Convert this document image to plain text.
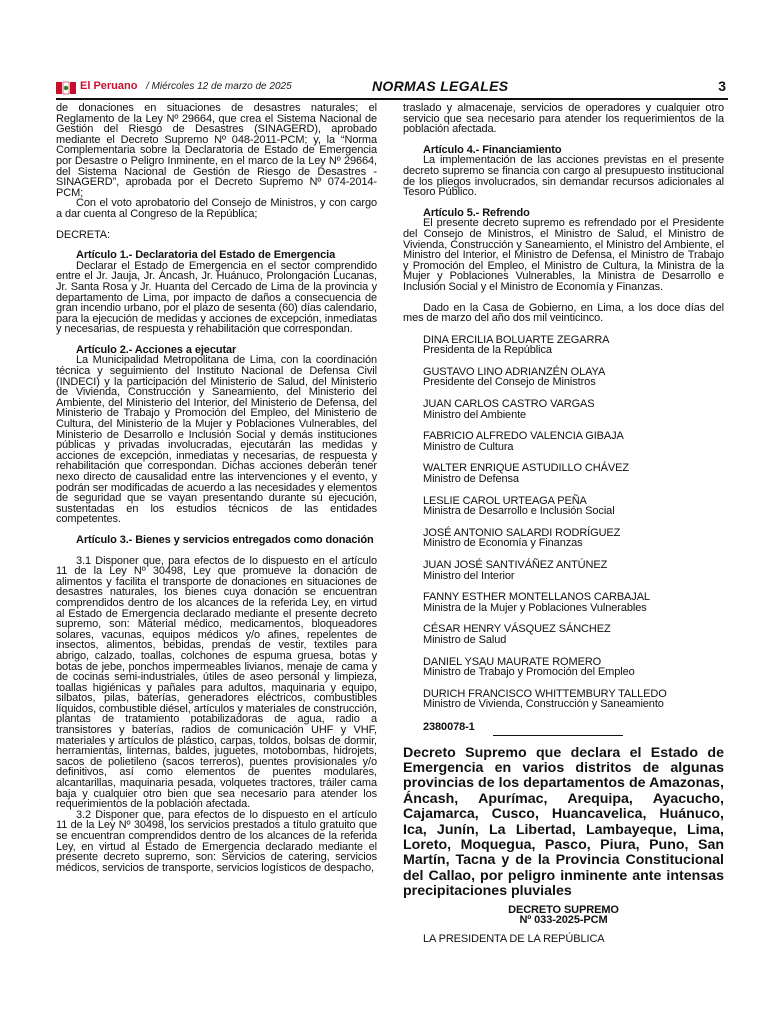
El Peruano / Miércoles 12 de marzo de 2025	NORMAS LEGALES	3

de donaciones en situaciones de desastres naturales; el Reglamento de la Ley Nº 29664, que crea el Sistema Nacional de Gestión del Riesgo de Desastres (SINAGERD), aprobado mediante el Decreto Supremo Nº 048-2011-PCM; y, la “Norma Complementaria sobre la Declaratoria de Estado de Emergencia por Desastre o Peligro Inminente, en el marco de la Ley Nº 29664, del Sistema Nacional de Gestión de Riesgo de Desastres - SINAGERD”, aprobada por el Decreto Supremo Nº 074-2014-PCM;

Con el voto aprobatorio del Consejo de Ministros, y con cargo a dar cuenta al Congreso de la República;

DECRETA:

Artículo 1.- Declaratoria del Estado de Emergencia

Declarar el Estado de Emergencia en el sector comprendido entre el Jr. Jauja, Jr. Áncash, Jr. Huánuco, Prolongación Lucanas, Jr. Santa Rosa y Jr. Huanta del Cercado de Lima de la provincia y departamento de Lima, por impacto de daños a consecuencia de gran incendio urbano, por el plazo de sesenta (60) días calendario, para la ejecución de medidas y acciones de excepción, inmediatas y necesarias, de respuesta y rehabilitación que correspondan.

Artículo 2.- Acciones a ejecutar

La Municipalidad Metropolitana de Lima, con la coordinación técnica y seguimiento del Instituto Nacional de Defensa Civil (INDECI) y la participación del Ministerio de Salud, del Ministerio de Vivienda, Construcción y Saneamiento, del Ministerio del Ambiente, del Ministerio del Interior, del Ministerio de Defensa, del Ministerio de Trabajo y Promoción del Empleo, del Ministerio de Cultura, del Ministerio de la Mujer y Poblaciones Vulnerables, del Ministerio de Desarrollo e Inclusión Social y demás instituciones públicas y privadas involucradas, ejecutarán las medidas y acciones de excepción, inmediatas y necesarias, de respuesta y rehabilitación que correspondan. Dichas acciones deberán tener nexo directo de causalidad entre las intervenciones y el evento, y podrán ser modificadas de acuerdo a las necesidades y elementos de seguridad que se vayan presentando durante su ejecución, sustentadas en los estudios técnicos de las entidades competentes.

Artículo 3.- Bienes y servicios entregados como donación

3.1 Disponer que, para efectos de lo dispuesto en el artículo 11 de la Ley Nº 30498, Ley que promueve la donación de alimentos y facilita el transporte de donaciones en situaciones de desastres naturales, los bienes cuya donación se encuentran comprendidos dentro de los alcances de la referida Ley, en virtud al Estado de Emergencia declarado mediante el presente decreto supremo, son: Material médico, medicamentos, bloqueadores solares, vacunas, equipos médicos y/o afines, repelentes de insectos, alimentos, bebidas, prendas de vestir, textiles para abrigo, calzado, toallas, colchones de espuma gruesa, botas y botas de jebe, ponchos impermeables livianos, menaje de cama y de cocinas semi-industriales, útiles de aseo personal y limpieza, toallas higiénicas y pañales para adultos, maquinaria y equipo, silbatos, pilas, baterías, generadores eléctricos, combustibles líquidos, combustible diésel, artículos y materiales de construcción, plantas de tratamiento potabilizadoras de agua, radio a transistores y baterías, radios de comunicación UHF y VHF, materiales y artículos de plástico, carpas, toldos, bolsas de dormir, herramientas, linternas, baldes, juguetes, motobombas, hidrojets, sacos de polietileno (sacos terreros), puentes provisionales y/o definitivos, así como elementos de puentes modulares, alcantarillas, maquinaria pesada, volquetes tractores, tráiler cama baja y cualquier otro bien que sea necesario para atender los requerimientos de la población afectada.

3.2 Disponer que, para efectos de lo dispuesto en el artículo 11 de la Ley Nº 30498, los servicios prestados a título gratuito que se encuentran comprendidos dentro de los alcances de la referida Ley, en virtud al Estado de Emergencia declarado mediante el presente decreto supremo, son: Servicios de catering, servicios médicos, servicios de transporte, servicios logísticos de despacho,

traslado y almacenaje, servicios de operadores y cualquier otro servicio que sea necesario para atender los requerimientos de la población afectada.

Artículo 4.- Financiamiento

La implementación de las acciones previstas en el presente decreto supremo se financia con cargo al presupuesto institucional de los pliegos involucrados, sin demandar recursos adicionales al Tesoro Público.

Artículo 5.- Refrendo

El presente decreto supremo es refrendado por el Presidente del Consejo de Ministros, el Ministro de Salud, el Ministro de Vivienda, Construcción y Saneamiento, el Ministro del Ambiente, el Ministro del Interior, el Ministro de Defensa, el Ministro de Trabajo y Promoción del Empleo, el Ministro de Cultura, la Ministra de la Mujer y Poblaciones Vulnerables, la Ministra de Desarrollo e Inclusión Social y el Ministro de Economía y Finanzas.

Dado en la Casa de Gobierno, en Lima, a los doce días del mes de marzo del año dos mil veinticinco.

DINA ERCILIA BOLUARTE ZEGARRA

Presidenta de la República

GUSTAVO LINO ADRIANZÉN OLAYA

Presidente del Consejo de Ministros

JUAN CARLOS CASTRO VARGAS

Ministro del Ambiente

FABRICIO ALFREDO VALENCIA GIBAJA

Ministro de Cultura

WALTER ENRIQUE ASTUDILLO CHÁVEZ

Ministro de Defensa

LESLIE CAROL URTEAGA PEÑA

Ministra de Desarrollo e Inclusión Social

JOSÉ ANTONIO SALARDI RODRÍGUEZ

Ministro de Economía y Finanzas

JUAN JOSÉ SANTIVÁÑEZ ANTÚNEZ

Ministro del Interior

FANNY ESTHER MONTELLANOS CARBAJAL

Ministra de la Mujer y Poblaciones Vulnerables

CÉSAR HENRY VÁSQUEZ SÁNCHEZ

Ministro de Salud

DANIEL YSAU MAURATE ROMERO

Ministro de Trabajo y Promoción del Empleo

DURICH FRANCISCO WHITTEMBURY TALLEDO

Ministro de Vivienda, Construcción y Saneamiento

2380078-1

Decreto Supremo que declara el Estado de Emergencia en varios distritos de algunas provincias de los departamentos de Amazonas, Áncash, Apurímac, Arequipa, Ayacucho, Cajamarca, Cusco, Huancavelica, Huánuco, Ica, Junín, La Libertad, Lambayeque, Lima, Loreto, Moquegua, Pasco, Piura, Puno, San Martín, Tacna y de la Provincia Constitucional del Callao, por peligro inminente ante intensas precipitaciones pluviales

DECRETO SUPREMO

Nº 033-2025-PCM

LA PRESIDENTA DE LA REPÚBLICA
